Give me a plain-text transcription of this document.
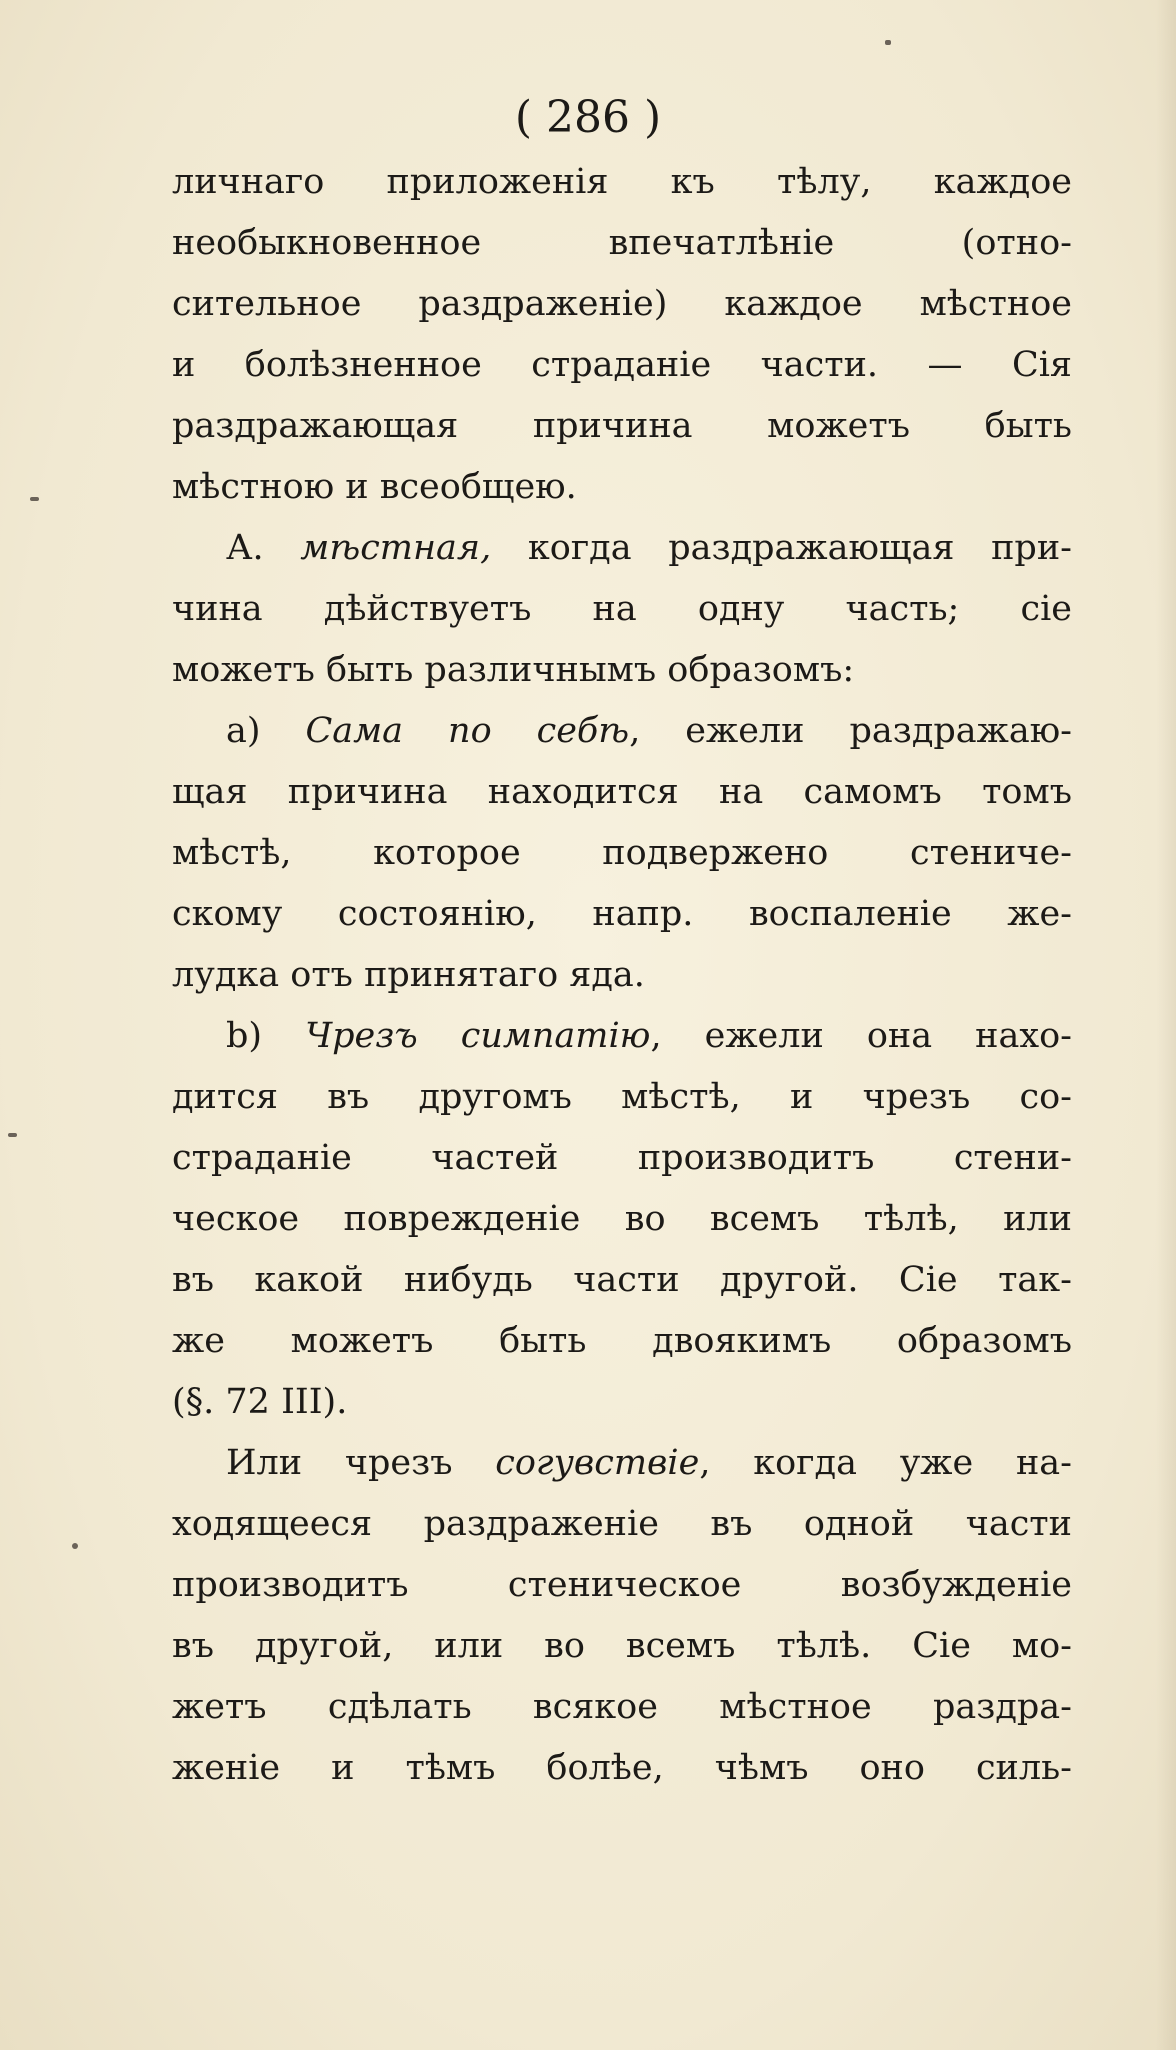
( 286 )
личнаго приложенія къ тѣлу, каждое
необыкновенное впечатлѣніе (отно-
сительное раздраженіе) каждое мѣстное
и болѣзненное страданіе части. — Сія
раздражающая причина можетъ быть
мѣстною и всеобщею.
А. мѣстная, когда раздражающая при-
чина дѣйствуетъ на одну часть; сіе
можетъ быть различнымъ образомъ:
а) Сама по себѣ, ежели раздражаю-
щая причина находится на самомъ томъ
мѣстѣ, которое подвержено стениче-
скому состоянію, напр. воспаленіе же-
лудка отъ принятаго яда.
b) Чрезъ симпатію, ежели она нахо-
дится въ другомъ мѣстѣ, и чрезъ со-
страданіе частей производитъ стени-
ческое поврежденіе во всемъ тѣлѣ, или
въ какой нибудь части другой. Сіе так-
же можетъ быть двоякимъ образомъ
(§. 72 III).
Или чрезъ согувствіе, когда уже на-
ходящееся раздраженіе въ одной части
производитъ стеническое возбужденіе
въ другой, или во всемъ тѣлѣ. Сіе мо-
жетъ сдѣлать всякое мѣстное раздра-
женіе и тѣмъ болѣе, чѣмъ оно силь-
